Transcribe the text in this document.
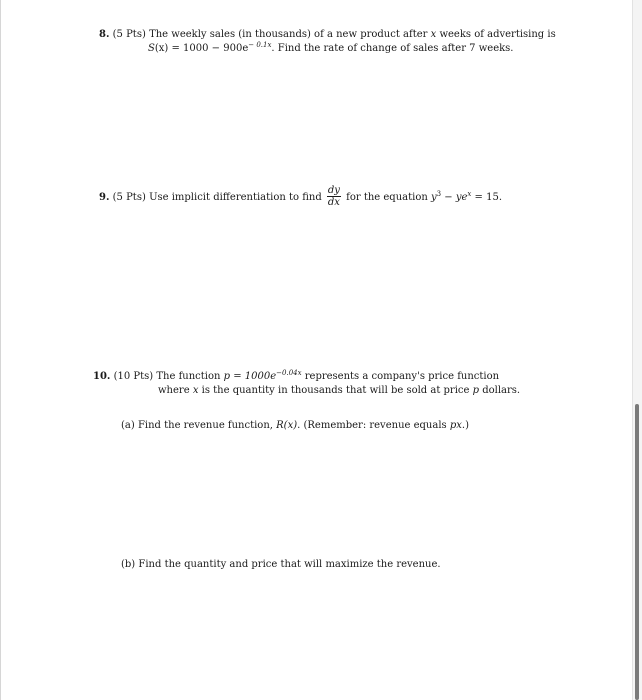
8. (5 Pts) The weekly sales (in thousands) of a new product after x weeks of advertising is
$S(x) = 1000 - 900e^{- 0.1x}$. Find the rate of change of sales after 7 weeks.
9. (5 Pts) Use implicit differentiation to find $\frac{dy}{dx}$ for the equation $y^3 - ye^x = 15$.
10. (10 Pts) The function $p = 1000e^{-0.04x}$ represents a company's price function
where x is the quantity in thousands that will be sold at price p dollars.
(a) Find the revenue function, R(x). (Remember: revenue equals px.)
(b) Find the quantity and price that will maximize the revenue.
